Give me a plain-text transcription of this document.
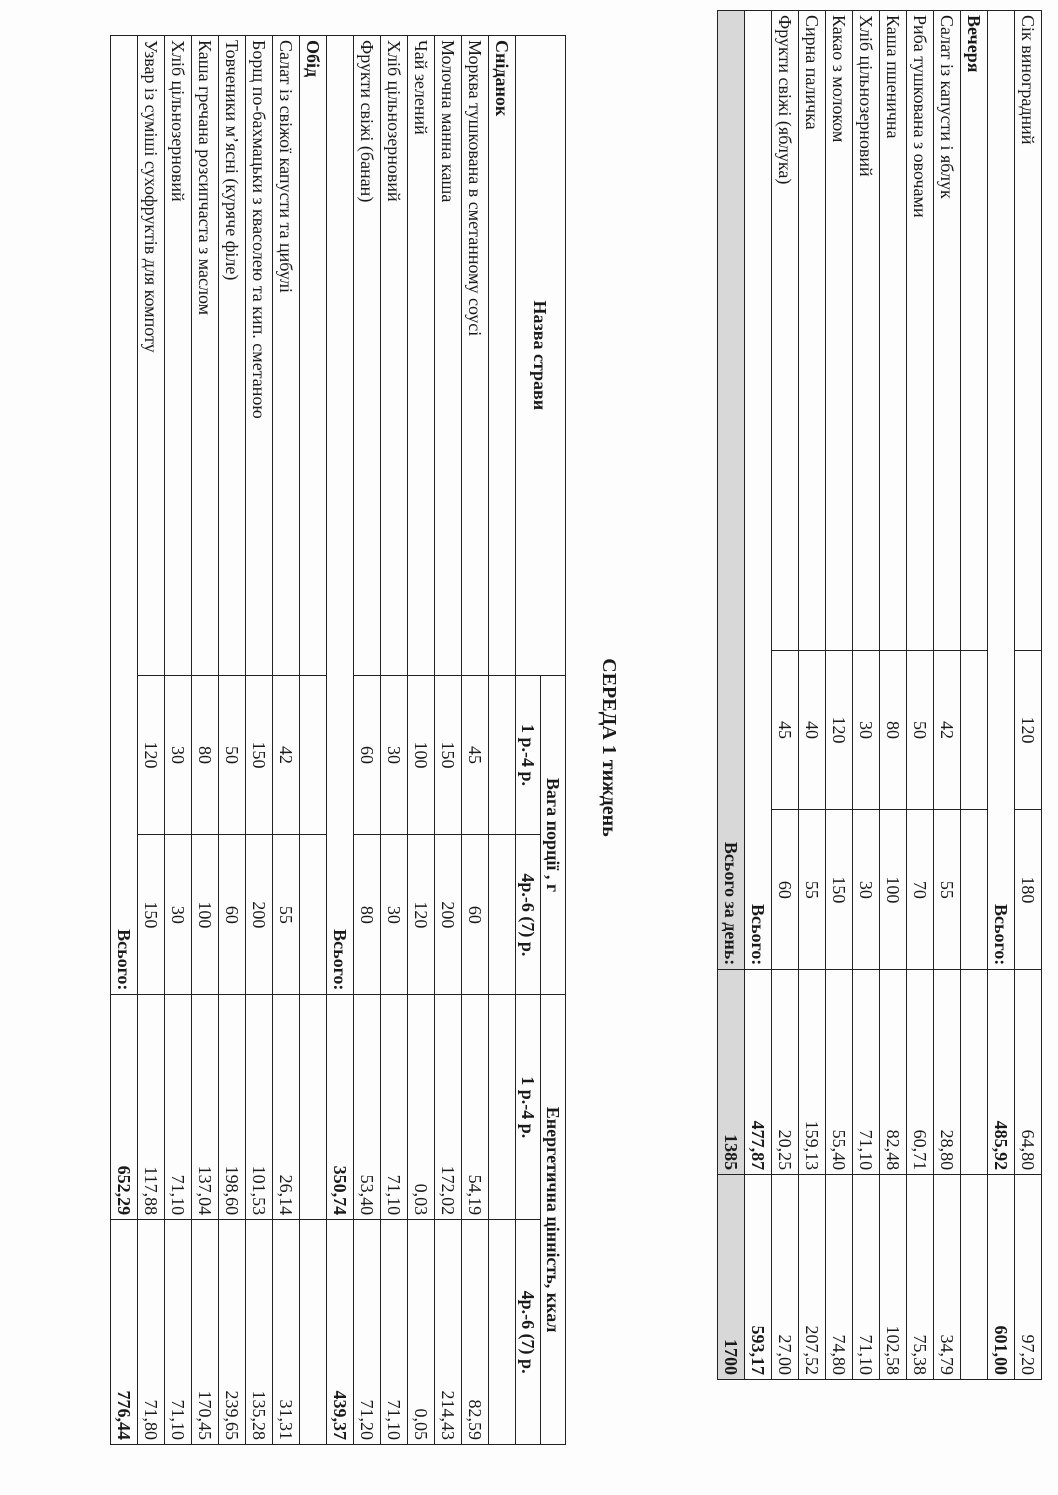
Сік виноградний	120	180	64,80	97,20
Всього:			485,92	601,00
Вечеря				
Салат із капусти і яблук	42	55	28,80	34,79
Риба тушкована з овочами	50	70	60,71	75,38
Каша пшенична	80	100	82,48	102,58
Хліб цільнозерновий	30	30	71,10	71,10
Какао з молоком	120	150	55,40	74,80
Сирна паличка	40	55	159,13	207,52
Фрукти свіжі (яблука)	45	60	20,25	27,00
Всього:			477,87	593,17
Всього за день:			1385	1700
СЕРЕДА 1 тиждень
Назва страви	Вага порції , г		Енергетична цінність, ккал	
	1 р.-4 р.	4р.-6 (7) р.	1 р.-4 р.	4р.-6 (7) р.
Сніданок				
Морква тушкована в сметанному соусі	45	60	54,19	82,59
Молочна манна каша	150	200	172,02	214,43
Чай зелений	100	120	0,03	0,05
Хліб цільнозерновий	30	30	71,10	71,10
Фрукти свіжі (банан)	60	80	53,40	71,20
Всього:			350,74	439,37
Обід				
Салат із свіжої капусти та цибулі	42	55	26,14	31,31
Борщ по-бахмацьки з квасолею та кип. сметаною	150	200	101,53	135,28
Товченики м’ясні (куряче філе)	50	60	198,60	239,65
Каша гречана розсипчаста з маслом	80	100	137,04	170,45
Хліб цільнозерновий	30	30	71,10	71,10
Узвар із суміші сухофруктів для компоту	120	150	117,88	71,80
Всього:			652,29	776,44
